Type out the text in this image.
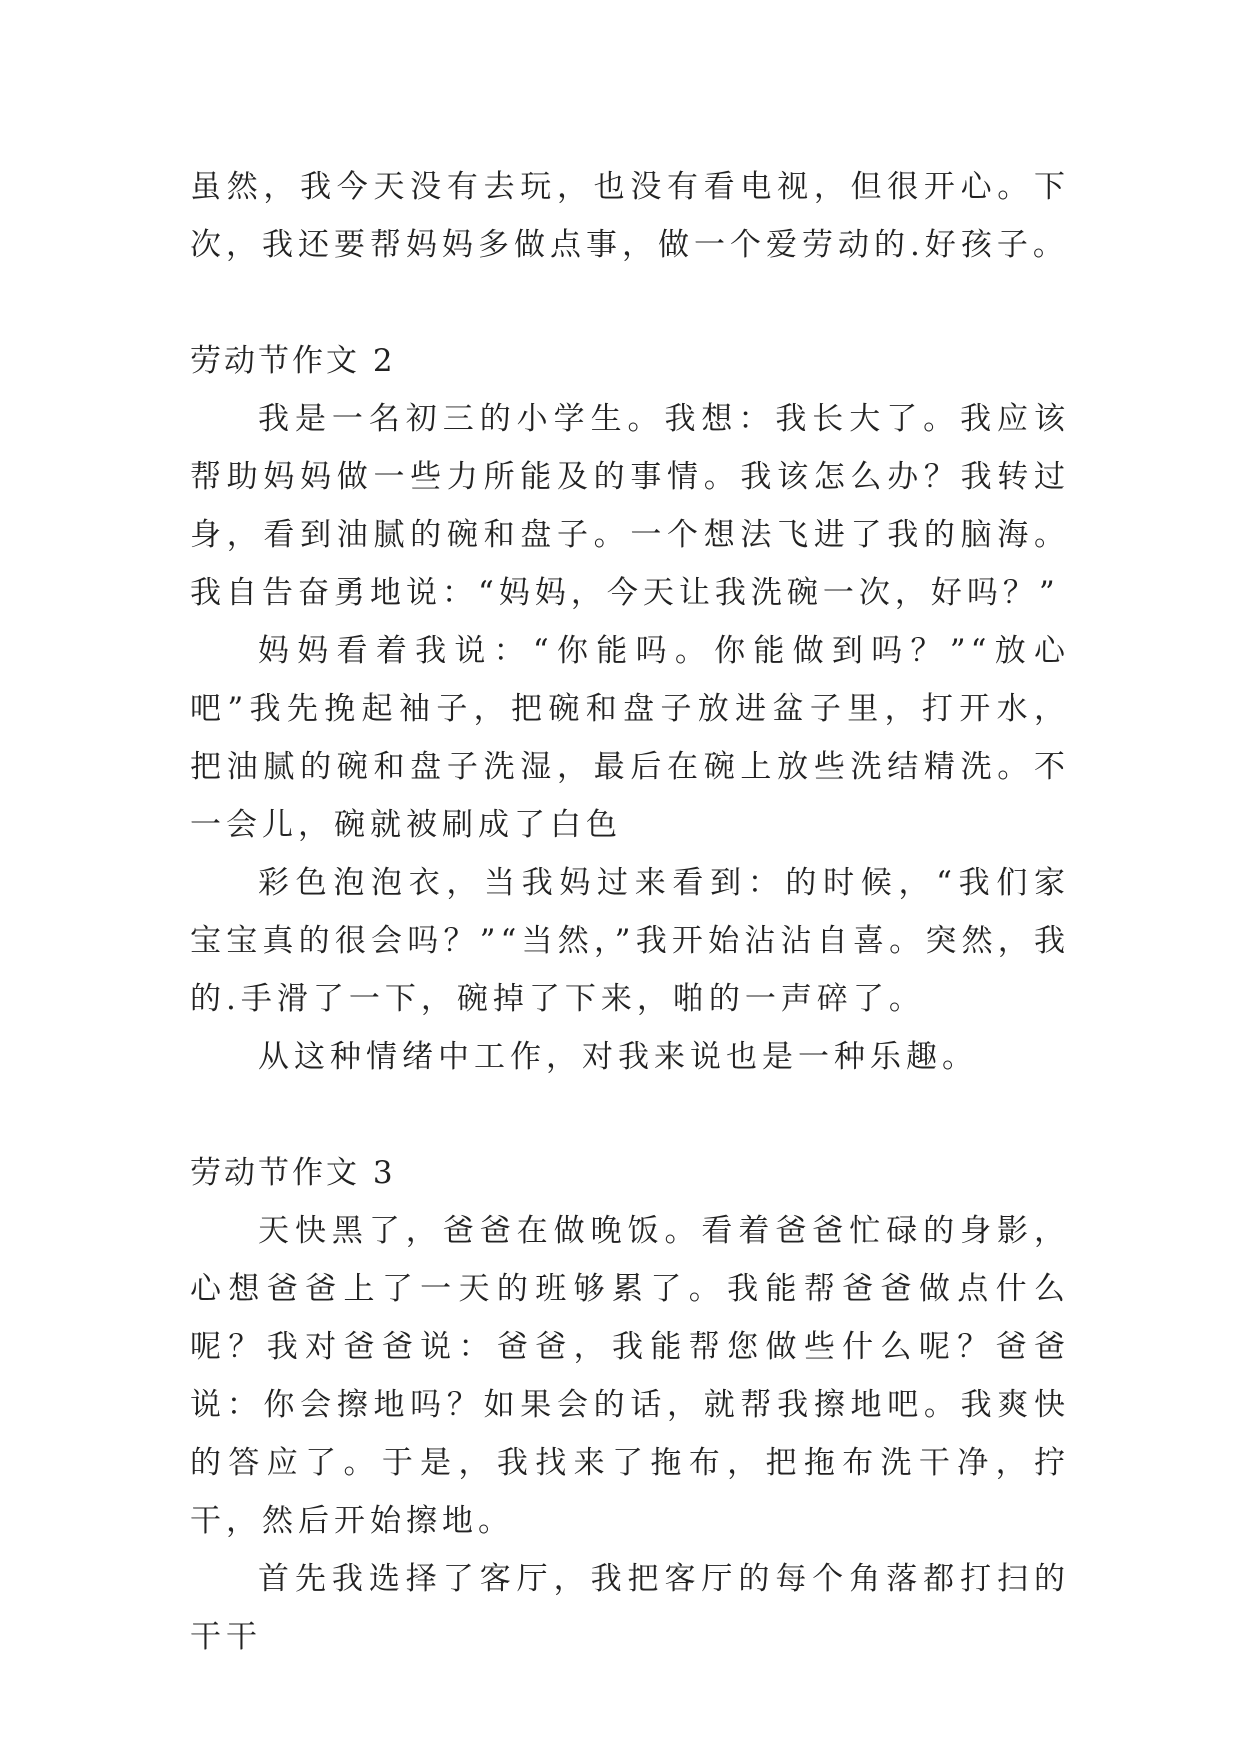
虽然，我今天没有去玩，也没有看电视，但很开心。下次，我还要帮妈妈多做点事，做一个爱劳动的.好孩子。

劳动节作文 2

我是一名初三的小学生。我想：我长大了。我应该帮助妈妈做一些力所能及的事情。我该怎么办？我转过身，看到油腻的碗和盘子。一个想法飞进了我的脑海。我自告奋勇地说：“妈妈，今天让我洗碗一次，好吗？”

妈妈看着我说：“你能吗。你能做到吗？”“放心吧”我先挽起袖子，把碗和盘子放进盆子里，打开水，把油腻的碗和盘子洗湿，最后在碗上放些洗结精洗。不一会儿，碗就被刷成了白色

彩色泡泡衣，当我妈过来看到：的时候，“我们家宝宝真的很会吗？”“当然，”我开始沾沾自喜。突然，我的.手滑了一下，碗掉了下来，啪的一声碎了。

从这种情绪中工作，对我来说也是一种乐趣。

劳动节作文 3

天快黑了，爸爸在做晚饭。看着爸爸忙碌的身影，心想爸爸上了一天的班够累了。我能帮爸爸做点什么呢？我对爸爸说：爸爸，我能帮您做些什么呢？爸爸说：你会擦地吗？如果会的话，就帮我擦地吧。我爽快的答应了。于是，我找来了拖布，把拖布洗干净，拧干，然后开始擦地。

首先我选择了客厅，我把客厅的每个角落都打扫的干干
